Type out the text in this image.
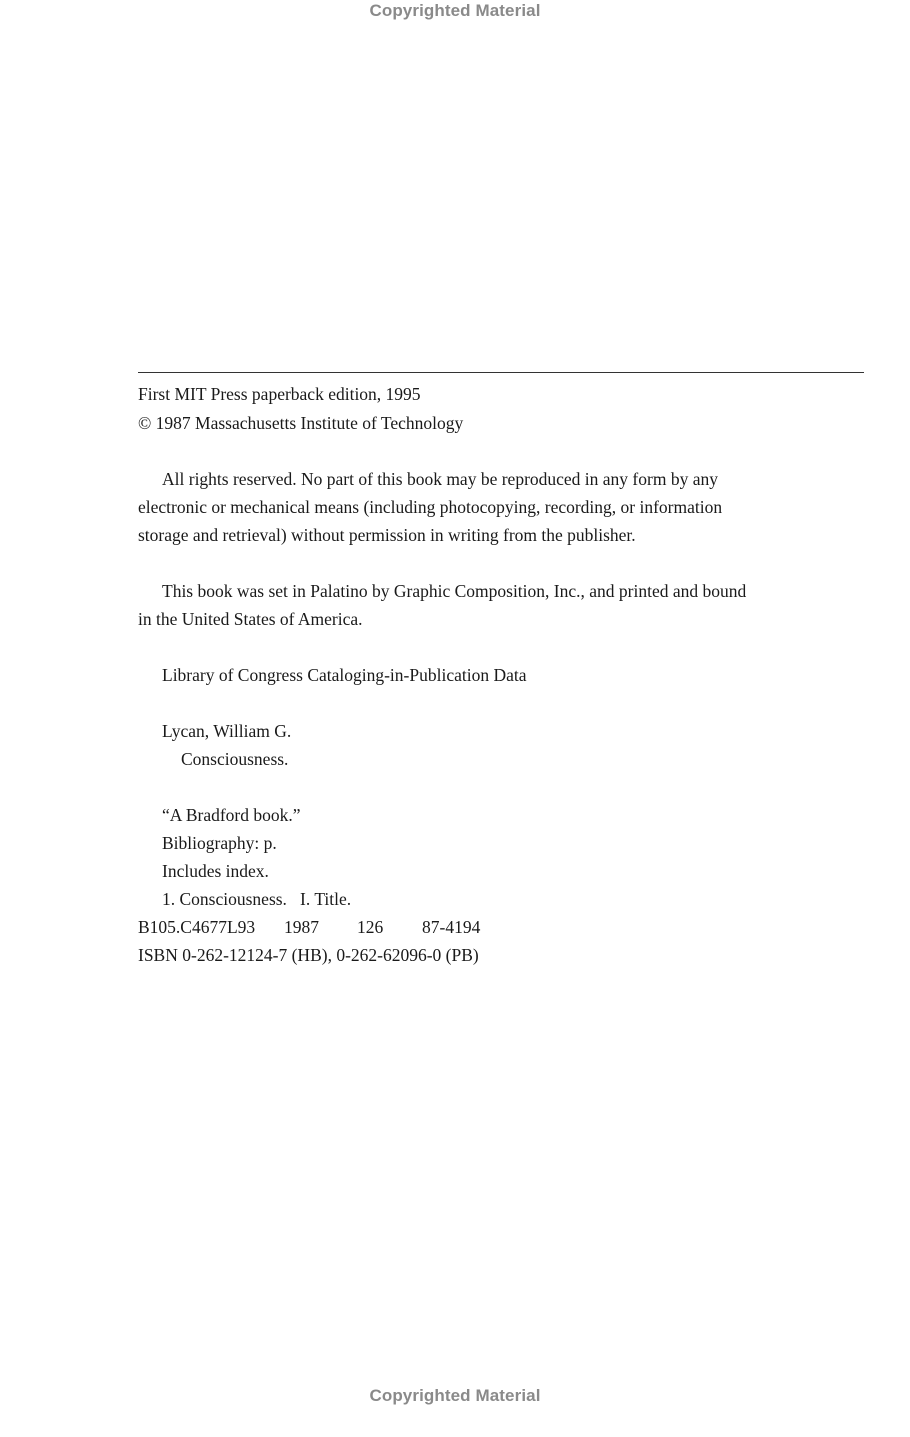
Copyrighted Material
First MIT Press paperback edition, 1995
© 1987 Massachusetts Institute of Technology
All rights reserved. No part of this book may be reproduced in any form by any
electronic or mechanical means (including photocopying, recording, or information
storage and retrieval) without permission in writing from the publisher.
This book was set in Palatino by Graphic Composition, Inc., and printed and bound
in the United States of America.
Library of Congress Cataloging-in-Publication Data
Lycan, William G.
Consciousness.
“A Bradford book.”
Bibliography: p.
Includes index.
1. Consciousness.   I. Title.
B105.C4677L93 1987 126 87-4194
ISBN 0-262-12124-7 (HB), 0-262-62096-0 (PB)
Copyrighted Material
